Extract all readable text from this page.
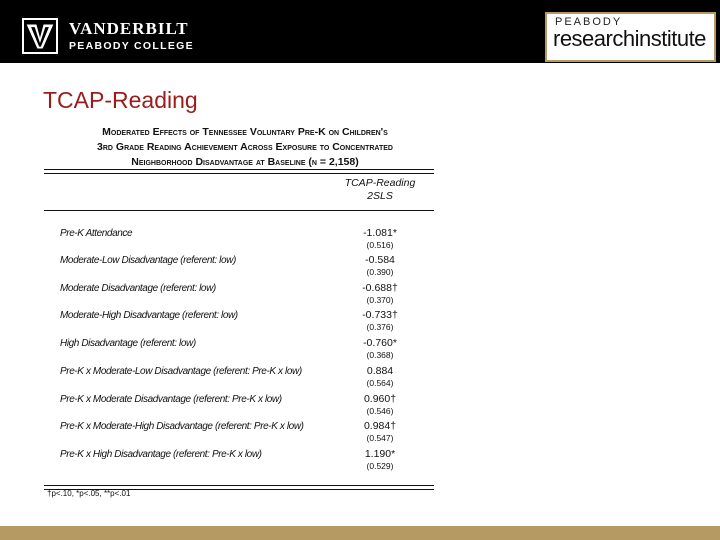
VANDERBILT
PEABODY COLLEGE
PEABODY
researchinstitute
TCAP-Reading
Moderated Effects of Tennessee Voluntary Pre-K on Children's
3rd Grade Reading Achievement Across Exposure to Concentrated
Neighborhood Disadvantage at Baseline (n = 2,158)
TCAP-Reading
2SLS
Pre-K Attendance	-1.081*
(0.516)
Moderate-Low Disadvantage (referent: low)	-0.584
(0.390)
Moderate Disadvantage (referent: low)	-0.688†
(0.370)
Moderate-High Disadvantage (referent: low)	-0.733†
(0.376)
High Disadvantage (referent: low)	-0.760*
(0.368)
Pre-K x Moderate-Low Disadvantage (referent: Pre-K x low)	0.884
(0.564)
Pre-K x Moderate Disadvantage (referent: Pre-K x low)	0.960†
(0.546)
Pre-K x Moderate-High Disadvantage (referent: Pre-K x low)	0.984†
(0.547)
Pre-K x High Disadvantage (referent: Pre-K x low)	1.190*
(0.529)
†p<.10, *p<.05, **p<.01
